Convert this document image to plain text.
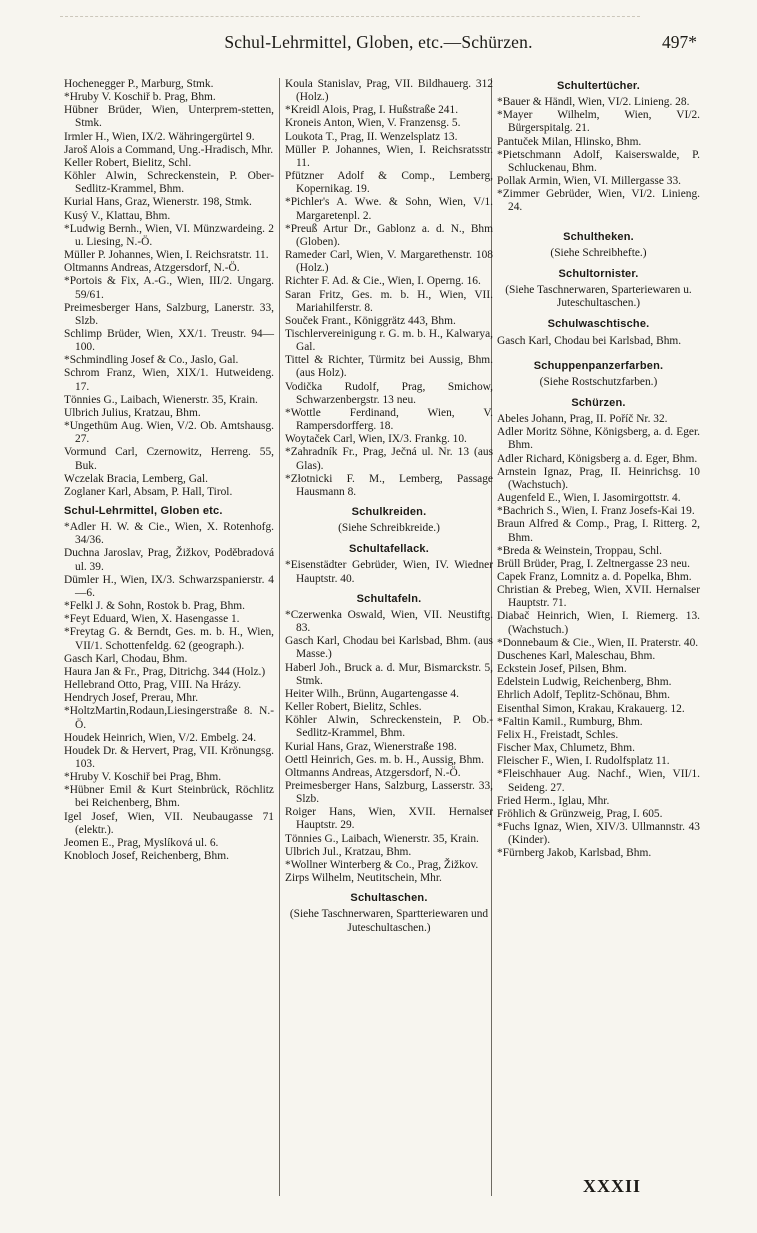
Schul-Lehrmittel, Globen, etc.—Schürzen.	497*
Hochenegger P., Marburg, Stmk.
*Hruby V. Koschiř b. Prag, Bhm.
Hübner Brüder, Wien, Unterprem-stetten, Stmk.
Irmler H., Wien, IX/2. Währingergürtel 9.
Jaroš Alois a Command, Ung.-Hradisch, Mhr.
Keller Robert, Bielitz, Schl.
Köhler Alwin, Schreckenstein, P. Ober-Sedlitz-Krammel, Bhm.
Kurial Hans, Graz, Wienerstr. 198, Stmk.
Kusý V., Klattau, Bhm.
*Ludwig Bernh., Wien, VI. Münzwardeing. 2 u. Liesing, N.-Ö.
Müller P. Johannes, Wien, I. Reichsratstr. 11.
Oltmanns Andreas, Atzgersdorf, N.-Ö.
*Portois & Fix, A.-G., Wien, III/2. Ungarg. 59/61.
Preimesberger Hans, Salzburg, Lanerstr. 33, Slzb.
Schlimp Brüder, Wien, XX/1. Treustr. 94—100.
*Schmindling Josef & Co., Jaslo, Gal.
Schrom Franz, Wien, XIX/1. Hutweideng. 17.
Tönnies G., Laibach, Wienerstr. 35, Krain.
Ulbrich Julius, Kratzau, Bhm.
*Ungethüm Aug. Wien, V/2. Ob. Amtshausg. 27.
Vormund Carl, Czernowitz, Herreng. 55, Buk.
Wczelak Bracia, Lemberg, Gal.
Zoglaner Karl, Absam, P. Hall, Tirol.
Schul-Lehrmittel, Globen etc.
*Adler H. W. & Cie., Wien, X. Rotenhofg. 34/36.
Duchna Jaroslav, Prag, Žižkov, Poděbradová ul. 39.
Dümler H., Wien, IX/3. Schwarzspanierstr. 4—6.
*Felkl J. & Sohn, Rostok b. Prag, Bhm.
*Feyt Eduard, Wien, X. Hasengasse 1.
*Freytag G. & Berndt, Ges. m. b. H., Wien, VII/1. Schottenfeldg. 62 (geograph.).
Gasch Karl, Chodau, Bhm.
Haura Jan & Fr., Prag, Ditrichg. 344 (Holz.)
Hellebrand Otto, Prag, VIII. Na Hrázy.
Hendrych Josef, Prerau, Mhr.
*HoltzMartin,Rodaun,Liesingerstraße 8. N.-Ö.
Houdek Heinrich, Wien, V/2. Embelg. 24.
Houdek Dr. & Hervert, Prag, VII. Krönungsg. 103.
*Hruby V. Koschiř bei Prag, Bhm.
*Hübner Emil & Kurt Steinbrück, Röchlitz bei Reichenberg, Bhm.
Igel Josef, Wien, VII. Neubaugasse 71 (elektr.).
Jeomen E., Prag, Myslíková ul. 6.
Knobloch Josef, Reichenberg, Bhm.
Koula Stanislav, Prag, VII. Bildhauerg. 312 (Holz.)
*Kreidl Alois, Prag, I. Hußstraße 241.
Kroneis Anton, Wien, V. Franzensg. 5.
Loukota T., Prag, II. Wenzelsplatz 13.
Müller P. Johannes, Wien, I. Reichsratsstr. 11.
Pfützner Adolf & Comp., Lemberg, Kopernikag. 19.
*Pichler's A. Wwe. & Sohn, Wien, V/1. Margaretenpl. 2.
*Preuß Artur Dr., Gablonz a. d. N., Bhm (Globen).
Rameder Carl, Wien, V. Margarethenstr. 108 (Holz.)
Richter F. Ad. & Cie., Wien, I. Operng. 16.
Saran Fritz, Ges. m. b. H., Wien, VII. Mariahilferstr. 8.
Souček Frant., Königgrätz 443, Bhm.
Tischlervereinigung r. G. m. b. H., Kalwarya, Gal.
Tittel & Richter, Türmitz bei Aussig, Bhm. (aus Holz).
Vodička Rudolf, Prag, Smichow, Schwarzenbergstr. 13 neu.
*Wottle Ferdinand, Wien, V. Rampersdorfferg. 18.
Woytaček Carl, Wien, IX/3. Frankg. 10.
*Zahradník Fr., Prag, Ječná ul. Nr. 13 (aus Glas).
*Złotnicki F. M., Lemberg, Passage Hausmann 8.
Schulkreiden.
(Siehe Schreibkreide.)
Schultafellack.
*Eisenstädter Gebrüder, Wien, IV. Wiedner Hauptstr. 40.
Schultafeln.
*Czerwenka Oswald, Wien, VII. Neustiftg. 83.
Gasch Karl, Chodau bei Karlsbad, Bhm. (aus Masse.)
Haberl Joh., Bruck a. d. Mur, Bismarckstr. 5, Stmk.
Heiter Wilh., Brünn, Augartengasse 4.
Keller Robert, Bielitz, Schles.
Köhler Alwin, Schreckenstein, P. Ob.-Sedlitz-Krammel, Bhm.
Kurial Hans, Graz, Wienerstraße 198.
Oettl Heinrich, Ges. m. b. H., Aussig, Bhm.
Oltmanns Andreas, Atzgersdorf, N.-Ö.
Preimesberger Hans, Salzburg, Lasserstr. 33, Slzb.
Roiger Hans, Wien, XVII. Hernalser Hauptstr. 29.
Tönnies G., Laibach, Wienerstr. 35, Krain.
Ulbrich Jul., Kratzau, Bhm.
*Wollner Winterberg & Co., Prag, Žižkov.
Zirps Wilhelm, Neutitschein, Mhr.
Schultaschen.
(Siehe Taschnerwaren, Spartteriewaren und Juteschultaschen.)
Schultertücher.
*Bauer & Händl, Wien, VI/2. Linieng. 28.
*Mayer Wilhelm, Wien, VI/2. Bürgerspitalg. 21.
Pantuček Milan, Hlinsko, Bhm.
*Pietschmann Adolf, Kaiserswalde, P. Schluckenau, Bhm.
Pollak Armin, Wien, VI. Millergasse 33.
*Zimmer Gebrüder, Wien, VI/2. Linieng. 24.
Schulthеken.
(Siehe Schreibhefte.)
Schultornister.
(Siehe Taschnerwaren, Sparteriewaren u. Juteschultaschen.)
Schulwaschtische.
Gasch Karl, Chodau bei Karlsbad, Bhm.
Schuppenpanzerfarben.
(Siehe Rostschutzfarben.)
Schürzen.
Abeles Johann, Prag, II. Poříč Nr. 32.
Adler Moritz Söhne, Königsberg, a. d. Eger. Bhm.
Adler Richard, Königsberg a. d. Eger, Bhm.
Arnstein Ignaz, Prag, II. Heinrichsg. 10 (Wachstuch).
Augenfeld E., Wien, I. Jasomirgottstr. 4.
*Bachrich S., Wien, I. Franz Josefs-Kai 19.
Braun Alfred & Comp., Prag, I. Ritterg. 2, Bhm.
*Breda & Weinstein, Troppau, Schl.
Brüll Brüder, Prag, I. Zeltnergasse 23 neu.
Capek Franz, Lomnitz a. d. Popelka, Bhm.
Christian & Prebeg, Wien, XVII. Hernalser Hauptstr. 71.
Diabač Heinrich, Wien, I. Riemerg. 13. (Wachstuch.)
*Donnebaum & Cie., Wien, II. Praterstr. 40.
Duschenes Karl, Maleschau, Bhm.
Eckstein Josef, Pilsen, Bhm.
Edelstein Ludwig, Reichenberg, Bhm.
Ehrlich Adolf, Teplitz-Schönau, Bhm.
Eisenthal Simon, Krakau, Krakauerg. 12.
*Faltin Kamil., Rumburg, Bhm.
Felix H., Freistadt, Schles.
Fischer Max, Chlumetz, Bhm.
Fleischer F., Wien, I. Rudolfsplatz 11.
*Fleischhauer Aug. Nachf., Wien, VII/1. Seideng. 27.
Fried Herm., Iglau, Mhr.
Fröhlich & Grünzweig, Prag, I. 605.
*Fuchs Ignaz, Wien, XIV/3. Ullmannstr. 43 (Kinder).
*Fürnberg Jakob, Karlsbad, Bhm.
XXXII
